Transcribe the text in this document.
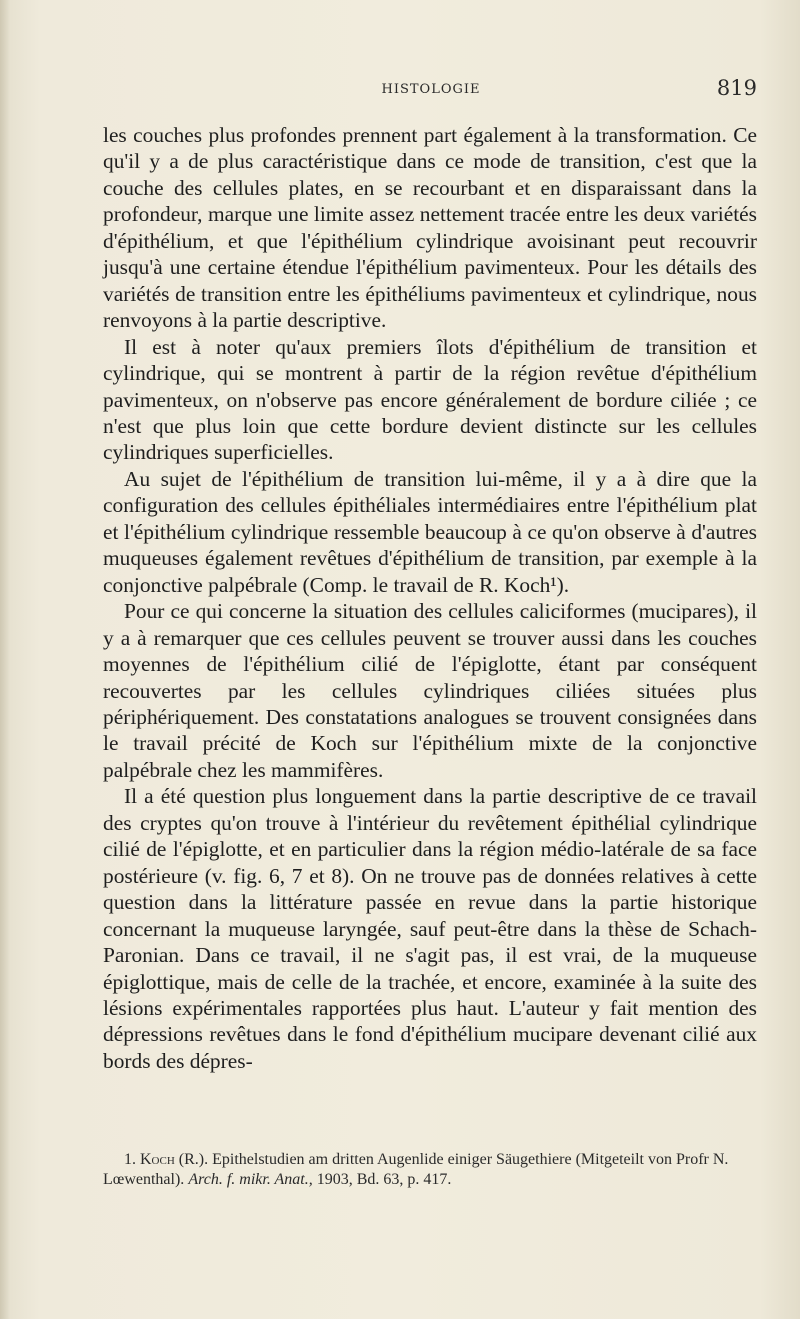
HISTOLOGIE	819

les couches plus profondes prennent part également à la transformation. Ce qu'il y a de plus caractéristique dans ce mode de transition, c'est que la couche des cellules plates, en se recourbant et en disparaissant dans la profondeur, marque une limite assez nettement tracée entre les deux variétés d'épithélium, et que l'épithélium cylindrique avoisinant peut recouvrir jusqu'à une certaine étendue l'épithélium pavimenteux. Pour les détails des variétés de transition entre les épithéliums pavimenteux et cylindrique, nous renvoyons à la partie descriptive.

Il est à noter qu'aux premiers îlots d'épithélium de transition et cylindrique, qui se montrent à partir de la région revêtue d'épithélium pavimenteux, on n'observe pas encore généralement de bordure ciliée ; ce n'est que plus loin que cette bordure devient distincte sur les cellules cylindriques superficielles.

Au sujet de l'épithélium de transition lui-même, il y a à dire que la configuration des cellules épithéliales intermédiaires entre l'épithélium plat et l'épithélium cylindrique ressemble beaucoup à ce qu'on observe à d'autres muqueuses également revêtues d'épithélium de transition, par exemple à la conjonctive palpébrale (Comp. le travail de R. Koch¹).

Pour ce qui concerne la situation des cellules caliciformes (mucipares), il y a à remarquer que ces cellules peuvent se trouver aussi dans les couches moyennes de l'épithélium cilié de l'épiglotte, étant par conséquent recouvertes par les cellules cylindriques ciliées situées plus périphériquement. Des constatations analogues se trouvent consignées dans le travail précité de Koch sur l'épithélium mixte de la conjonctive palpébrale chez les mammifères.

Il a été question plus longuement dans la partie descriptive de ce travail des cryptes qu'on trouve à l'intérieur du revêtement épithélial cylindrique cilié de l'épiglotte, et en particulier dans la région médio-latérale de sa face postérieure (v. fig. 6, 7 et 8). On ne trouve pas de données relatives à cette question dans la littérature passée en revue dans la partie historique concernant la muqueuse laryngée, sauf peut-être dans la thèse de Schach-Paronian. Dans ce travail, il ne s'agit pas, il est vrai, de la muqueuse épiglottique, mais de celle de la trachée, et encore, examinée à la suite des lésions expérimentales rapportées plus haut. L'auteur y fait mention des dépressions revêtues dans le fond d'épithélium mucipare devenant cilié aux bords des dépres-

1. Koch (R.). Epithelstudien am dritten Augenlide einiger Säugethiere (Mitgeteilt von Profr N. Lœwenthal). Arch. f. mikr. Anat., 1903, Bd. 63, p. 417.
